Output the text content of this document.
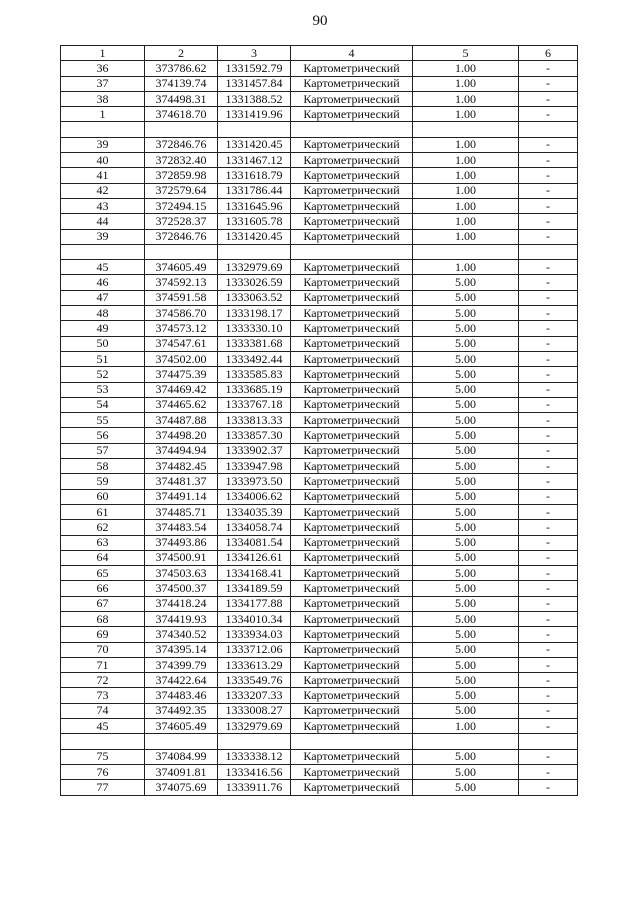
90
1	2	3	4	5	6
36	373786.62	1331592.79	Картометрический	1.00	-
37	374139.74	1331457.84	Картометрический	1.00	-
38	374498.31	1331388.52	Картометрический	1.00	-
1	374618.70	1331419.96	Картометрический	1.00	-

39	372846.76	1331420.45	Картометрический	1.00	-
40	372832.40	1331467.12	Картометрический	1.00	-
41	372859.98	1331618.79	Картометрический	1.00	-
42	372579.64	1331786.44	Картометрический	1.00	-
43	372494.15	1331645.96	Картометрический	1.00	-
44	372528.37	1331605.78	Картометрический	1.00	-
39	372846.76	1331420.45	Картометрический	1.00	-

45	374605.49	1332979.69	Картометрический	1.00	-
46	374592.13	1333026.59	Картометрический	5.00	-
47	374591.58	1333063.52	Картометрический	5.00	-
48	374586.70	1333198.17	Картометрический	5.00	-
49	374573.12	1333330.10	Картометрический	5.00	-
50	374547.61	1333381.68	Картометрический	5.00	-
51	374502.00	1333492.44	Картометрический	5.00	-
52	374475.39	1333585.83	Картометрический	5.00	-
53	374469.42	1333685.19	Картометрический	5.00	-
54	374465.62	1333767.18	Картометрический	5.00	-
55	374487.88	1333813.33	Картометрический	5.00	-
56	374498.20	1333857.30	Картометрический	5.00	-
57	374494.94	1333902.37	Картометрический	5.00	-
58	374482.45	1333947.98	Картометрический	5.00	-
59	374481.37	1333973.50	Картометрический	5.00	-
60	374491.14	1334006.62	Картометрический	5.00	-
61	374485.71	1334035.39	Картометрический	5.00	-
62	374483.54	1334058.74	Картометрический	5.00	-
63	374493.86	1334081.54	Картометрический	5.00	-
64	374500.91	1334126.61	Картометрический	5.00	-
65	374503.63	1334168.41	Картометрический	5.00	-
66	374500.37	1334189.59	Картометрический	5.00	-
67	374418.24	1334177.88	Картометрический	5.00	-
68	374419.93	1334010.34	Картометрический	5.00	-
69	374340.52	1333934.03	Картометрический	5.00	-
70	374395.14	1333712.06	Картометрический	5.00	-
71	374399.79	1333613.29	Картометрический	5.00	-
72	374422.64	1333549.76	Картометрический	5.00	-
73	374483.46	1333207.33	Картометрический	5.00	-
74	374492.35	1333008.27	Картометрический	5.00	-
45	374605.49	1332979.69	Картометрический	1.00	-

75	374084.99	1333338.12	Картометрический	5.00	-
76	374091.81	1333416.56	Картометрический	5.00	-
77	374075.69	1333911.76	Картометрический	5.00	-
